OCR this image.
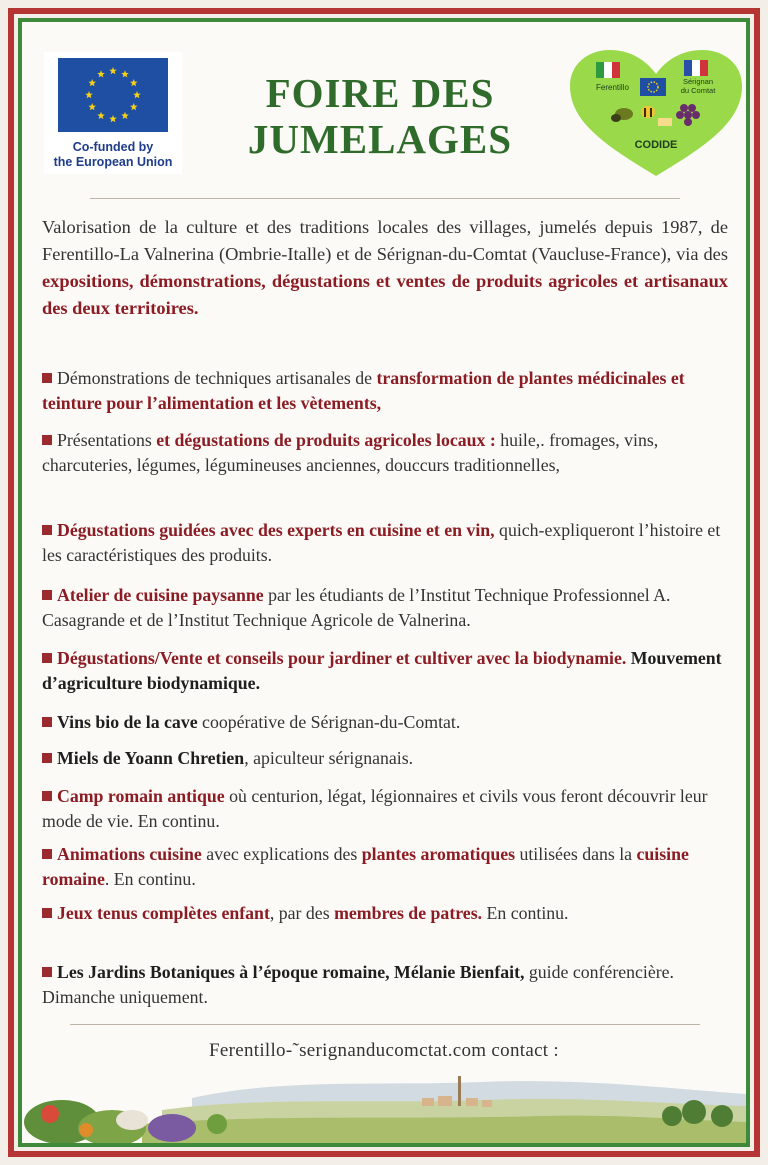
Co-funded by
the European Union
FOIRE DES
JUMELAGES
Ferentillo
Sérignan
du Comtat
CODIDE
Valorisation de la culture et des traditions locales des villages, jumelés depuis 1987, de Ferentillo-La Valnerina (Ombrie-Italle) et de Sérignan-du-Comtat (Vaucluse-France), via des expositions, démonstrations, dégustations et ventes de produits agricoles et artisanaux des deux territoires.
Démonstrations de techniques artisanales de transformation de plantes médicinales et teinture pour l’alimentation et les vètements,
Présentations et dégustations de produits agricoles locaux : huile,. fromages, vins, charcuteries, légumes, légumineuses anciennes, douccurs traditionnelles,
Dégustations guidées avec des experts en cuisine et en vin, quich-expliqueront l’histoire et les caractéristiques des produits.
Atelier de cuisine paysanne par les étudiants de l’Institut Technique Professionnel A. Casagrande et de l’Institut Technique Agricole de Valnerina.
Dégustations/Vente et conseils pour jardiner et cultiver avec la biodynamie. Mouvement d’agriculture biodynamique.
Vins bio de la cave coopérative de Sérignan-du-Comtat.
Miels de Yoann Chretien, apiculteur sérignanais.
Camp romain antique où centurion, légat, légionnaires et civils vous feront découvrir leur mode de vie. En continu.
Animations cuisine avec explications des plantes aromatiques utilisées dans la cuisine romaine. En continu.
Jeux tenus complètes enfant, par des membres de patres. En continu.
Les Jardins Botaniques à l’époque romaine, Mélanie Bienfait, guide conférencière. Dimanche uniquement.
Ferentillo-˜serignanducomctat.com contact :
